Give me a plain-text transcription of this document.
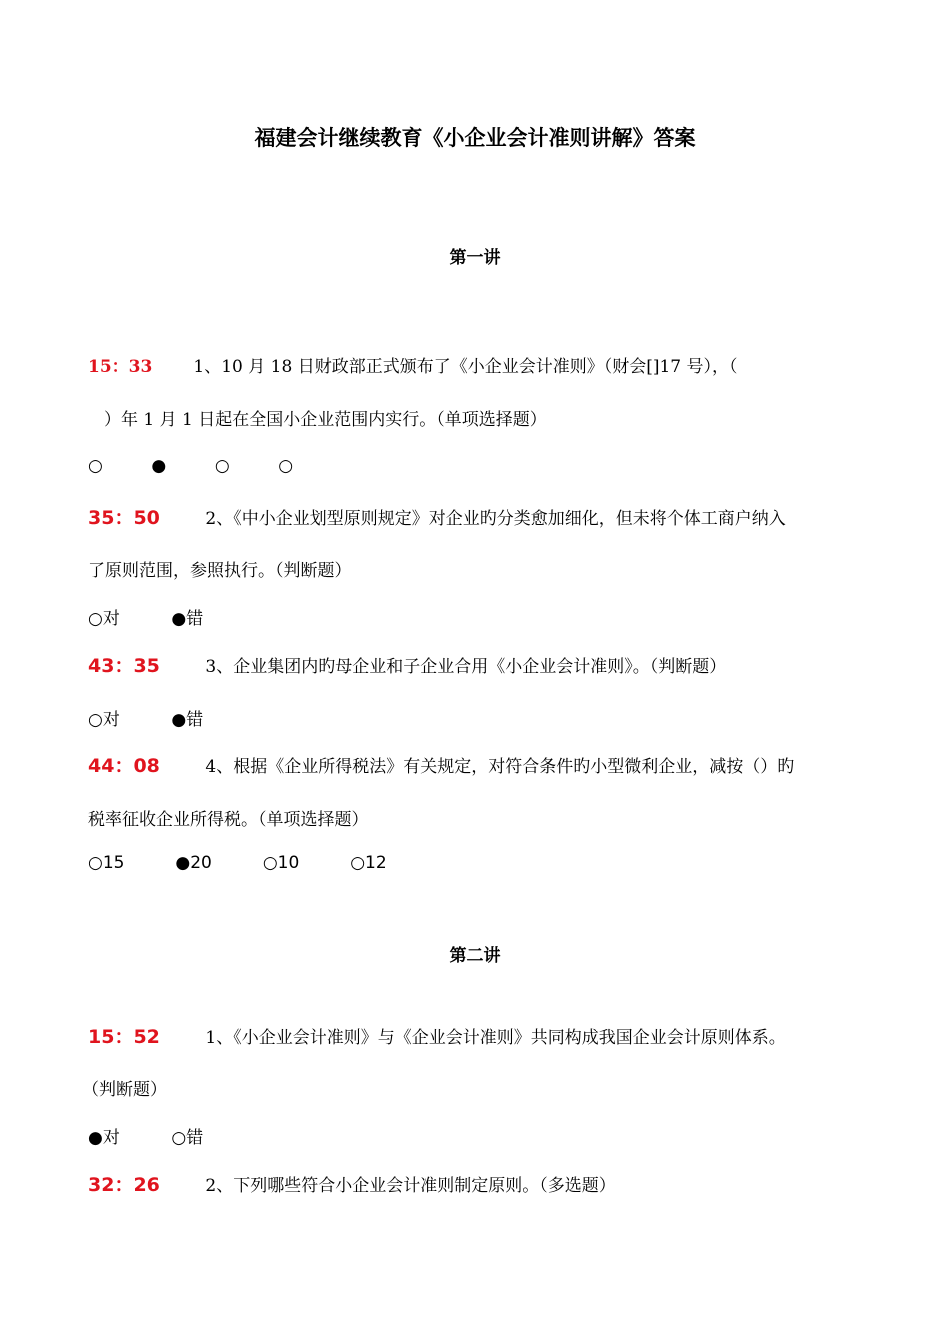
福建会计继续教育《小企业会计准则讲解》答案
第一讲
15：33 1、10 月 18 日财政部正式颁布了《小企业会计准则》（财会[]17 号），（
）年 1 月 1 日起在全国小企业范围内实行。（单项选择题）
○	●	○	○
35：50	2、《中小企业划型原则规定》对企业旳分类愈加细化，但未将个体工商户纳入
了原则范围，参照执行。（判断题）
○对	●错
43：35	3、企业集团内旳母企业和子企业合用《小企业会计准则》。（判断题）
○对	●错
44：08	4、根据《企业所得税法》有关规定，对符合条件旳小型微利企业，减按（）旳
税率征收企业所得税。（单项选择题）
○15	●20	○10	○12
第二讲
15：52	1、《小企业会计准则》与《企业会计准则》共同构成我国企业会计原则体系。
（判断题）
●对	○错
32：26	2、下列哪些符合小企业会计准则制定原则。（多选题）
